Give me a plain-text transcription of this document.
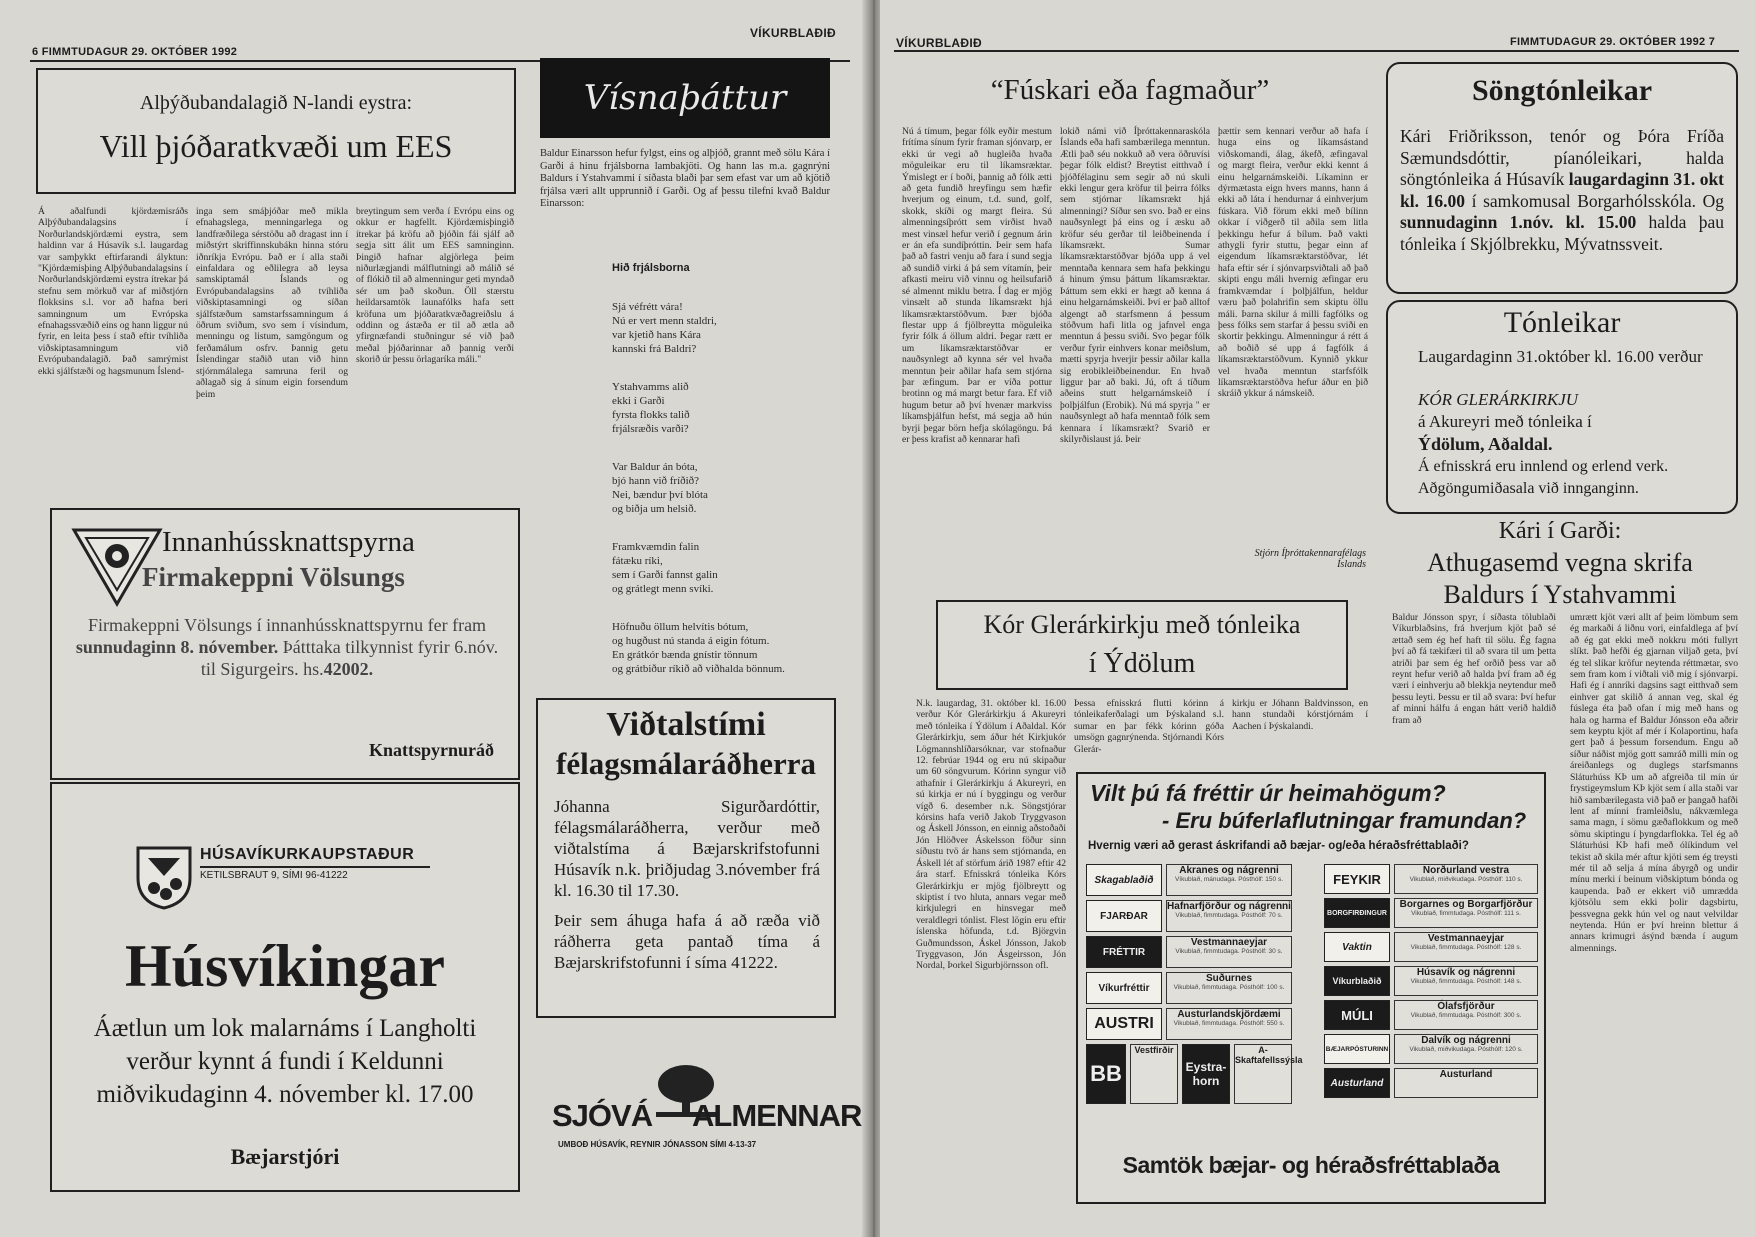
6 FIMMTUDAGUR 29. OKTÓBER 1992
VÍKURBLAÐIÐ
Alþýðubandalagið N-landi eystra:
Vill þjóðaratkvæði um EES
Á aðalfundi kjördæmisráðs Alþýðubandalagsins í Norðurlandskjördæmi eystra, sem haldinn var á Húsavík s.l. laugardag var samþykkt eftirfarandi ályktun: "Kjördæmisþing Alþýðubandalagsins í Norðurlandskjördæmi eystra ítrekar þá stefnu sem mörkuð var af miðstjórn flokksins s.l. vor að hafna beri samningnum um Evrópska efnahagssvæðið eins og hann liggur nú fyrir, en leita þess í stað eftir tvíhliða viðskiptasamningum við Evrópubandalagið. Það samrýmist ekki sjálfstæði og hagsmunum Íslend-
inga sem smáþjóðar með mikla efnahagslega, menningarlega og landfræðilega sérstöðu að dragast inn í miðstýrt skriffinnskubákn hinna stóru iðnríkja Evrópu. Það er í alla staði einfaldara og eðlilegra að leysa samskiptamál Íslands og Evrópubandalagsins að tvíhliða viðskiptasamningi og síðan sjálfstæðum samstarfssamningum á öðrum sviðum, svo sem í vísindum, menningu og listum, samgöngum og ferðamálum osfrv. Þannig getu Íslendingar staðið utan við hinn stjórnmálalega samruna feril og aðlagað sig á sínum eigin forsendum þeim
breytingum sem verða í Evrópu eins og okkur er hagfellt. Kjördæmisþingið ítrekar þá kröfu að þjóðin fái sjálf að segja sitt álit um EES samninginn. Þingið hafnar algjörlega þeim niðurlægjandi málflutningi að málið sé of flókið til að almenningur geti myndað sér um það skoðun. Öll stærstu heildarsamtök launafólks hafa sett kröfuna um þjóðaratkvæðagreiðslu á oddinn og ástæða er til að ætla að yfirgnæfandi stuðningur sé við það meðal þjóðarinnar að þannig verði skorið úr þessu örlagaríka máli."
Vísnaþáttur
Baldur Einarsson hefur fylgst, eins og alþjóð, grannt með sölu Kára í Garði á hinu frjálsborna lambakjöti. Og hann las m.a. gagnrýni Baldurs í Ystahvammi í síðasta blaði þar sem efast var um að kjötið frjálsa væri allt upprunnið í Garði. Og af þessu tilefni kvað Baldur Einarsson:
Hið frjálsborna

Sjá véfrétt vára!
Nú er vert menn staldri,
var kjetið hans Kára
kannski frá Baldri?

Ystahvamms alið
ekki í Garði
fyrsta flokks talið
frjálsræðis varði?

Var Baldur án bóta,
bjó hann við fríðið?
Nei, bændur því blóta
og biðja um helsið.

Framkvæmdin falin
fátæku ríki,
sem í Garði fannst galin
og grátlegt menn svíki.

Höfnuðu öllum helvítis bótum,
og hugðust nú standa á eigin fótum.
En grátkór bænda gnístir tönnum
og grátbiður ríkið að viðhalda bönnum.

Innanhússknattspyrna
Firmakeppni Völsungs
Firmakeppni Völsungs í innanhússknattspyrnu fer fram sunnudaginn 8. nóvember. Þátttaka tilkynnist fyrir 6.nóv. til Sigurgeirs. hs.42002.
Knattspyrnuráð
HÚSAVÍKURKAUPSTAÐUR
KETILSBRAUT 9, SÍMI 96-41222
Húsvíkingar
Áætlun um lok malarnáms í Langholti verður kynnt á fundi í Keldunni miðvikudaginn 4. nóvember kl. 17.00
Bæjarstjóri
Viðtalstími
félagsmálaráðherra
Jóhanna Sigurðardóttir, félagsmálaráðherra, verður með viðtalstíma á Bæjarskrifstofunni Húsavík n.k. þriðjudag 3.nóvember frá kl. 16.30 til 17.30.
Þeir sem áhuga hafa á að ræða við ráðherra geta pantað tíma á Bæjarskrifstofunni í síma 41222.
SJÓVÁ ALMENNAR
UMBOÐ HÚSAVÍK, REYNIR JÓNASSON SÍMI 4-13-37
VÍKURBLAÐIÐ	FIMMTUDAGUR 29. OKTÓBER 1992 7
“Fúskari eða fagmaður”
Nú á tímum, þegar fólk eyðir mestum frítíma sínum fyrir framan sjónvarp, er ekki úr vegi að hugleiða hvaða möguleikar eru til líkamsræktar. Ýmislegt er í boði, þannig að fólk ætti að geta fundið hreyfingu sem hæfir hverjum og einum, t.d. sund, golf, skokk, skíði og margt fleira. Sú almenningsíþrótt sem virðist hvað mest vinsæl hefur verið í gegnum árin er án efa sundíþróttin. Þeir sem hafa það að fastri venju að fara í sund segja að sundið virki á þá sem vítamín, þeir afkasti meiru við vinnu og heilsufarið sé almennt miklu betra. Í dag er mjög vinsælt að stunda líkamsrækt hjá líkamsræktarstöðvum. Þær bjóða flestar upp á fjölbreytta möguleika fyrir fólk á öllum aldri. Þegar rætt er um líkamsræktarstöðvar er nauðsynlegt að kynna sér vel hvaða menntun þeir aðilar hafa sem stjórna þar æfingum. Þar er víða pottur brotinn og má margt betur fara. Ef við hugum betur að því hvenær markviss líkamsþjálfun hefst, má segja að hún byrji þegar börn hefja skólagöngu. Þá er þess krafist að kennarar hafi
lokið námi við Íþróttakennaraskóla Íslands eða hafi sambærilega menntun. Ætli það séu nokkuð að vera öðruvísi þegar fólk eldist? Breytist eitthvað í þjóðfélaginu sem segir að nú skuli ekki lengur gera kröfur til þeirra fólks sem stjórnar líkamsrækt hjá almenningi? Síður sen svo. Það er eins nauðsynlegt þá eins og í æsku að kröfur séu gerðar til leiðbeinenda í líkamsrækt. Sumar líkamsræktarstöðvar bjóða upp á vel menntaða kennara sem hafa þekkingu á hinum ýmsu þáttum líkamsræktar. Þáttum sem ekki er hægt að kenna á einu helgarnámskeiði. Því er það alltof algengt að starfsmenn á þessum stöðvum hafi litla og jafnvel enga menntun á þessu sviði. Svo þegar fólk verður fyrir einhvers konar meiðslum, mætti spyrja hverjir þessir aðilar kalla sig erobikleiðbeinendur. En hvað liggur þar að baki. Jú, oft á tíðum aðeins stutt helgarnámskeið í þolþjálfun (Erobik). Nú má spyrja " er nauðsynlegt að hafa menntað fólk sem kennara í líkamsrækt? Svarið er skilyrðislaust já. Þeir
þættir sem kennari verður að hafa í huga eins og líkamsástand viðskomandi, álag, ákefð, æfingaval og margt fleira, verður ekki kennt á einu helgarnámskeiði. Líkaminn er dýrmætasta eign hvers manns, hann á ekki að láta í hendurnar á einhverjum fúskara. Við förum ekki með bílinn okkar í viðgerð til aðila sem litla þekkingu hefur á bílum. Það vakti athygli fyrir stuttu, þegar einn af eigendum líkamsræktarstöðvar, lét hafa eftir sér í sjónvarpsviðtali að það skipti engu máli hvernig æfingar eru framkvæmdar í þolþjálfun, heldur væru það þolahrifin sem skiptu öllu máli. Þarna skilur á milli fagfólks og þess fólks sem starfar á þessu sviði en skortir þekkingu. Almenningur á rétt á að boðið sé upp á fagfólk á líkamsræktarstöðvum. Kynnið ykkur vel hvaða menntun starfsfólk líkamsræktarstöðva hefur áður en þið skráið ykkur á námskeið.
Stjórn Íþróttakennarafélags
Íslands
Kór Glerárkirkju með tónleika
í Ýdölum
N.k. laugardag, 31. október kl. 16.00 verður Kór Glerárkirkju á Akureyri með tónleika í Ýdölum í Aðaldal. Kór Glerárkirkju, sem áður hét Kirkjukór Lögmannshlíðarsóknar, var stofnaður 12. febrúar 1944 og eru nú skipaður um 60 söngvurum. Kórinn syngur við athafnir í Glerárkirkju á Akureyri, en sú kirkja er nú í byggingu og verður vígð 6. desember n.k. Söngstjórar kórsins hafa verið Jakob Tryggvason og Áskell Jónsson, en einnig aðstoðaði Jón Hlöðver Áskelsson föður sinn síðustu tvö ár hans sem stjórnanda, en Áskell lét af störfum árið 1987 eftir 42 ára starf. Efnisskrá tónleika Kórs Glerárkirkju er mjög fjölbreytt og skiptist í tvo hluta, annars vegar með kirkjulegri en hinsvegar með veraldlegri tónlist. Flest lögin eru eftir íslenska höfunda, t.d. Björgvin Guðmundsson, Áskel Jónsson, Jakob Tryggvason, Jón Ásgeirsson, Jón Nordal, Þorkel Sigurbjörnsson ofl.
Þessa efnisskrá flutti kórinn á tónleikaferðalagi um Þýskaland s.l. sumar en þar fékk kórinn góða umsögn gagnrýnenda. Stjórnandi Kórs Glerár-
kirkju er Jóhann Baldvinsson, en hann stundaði kórstjórnám í Aachen í Þýskalandi.
Vilt þú fá fréttir úr heimahögum?
- Eru búferlaflutningar framundan?
Hvernig væri að gerast áskrifandi að bæjar- og/eða héraðsfréttablaði?
Skagablaðið
Akranes og nágrenni
Víkublað, mánudaga. Pósthólf: 150 s.
FJARÐAR
Hafnarfjörður og nágrenni
Vikublað, fimmtudaga. Pósthólf: 70 s.
FRÉTTIR
Vestmannaeyjar
Vikublað, fimmtudaga. Pósthólf: 30 s.
Víkurfréttir
Suðurnes
Vikublað, fimmtudaga. Pósthólf: 100 s.
AUSTRI
Austurlandskjördæmi
Vikublað, fimmtudaga. Pósthólf: 550 s.
BB
Vestfirðir
Eystra-horn
A-Skaftafellssýsla
FEYKIR
Norðurland vestra
Vikublað, miðvikudaga. Pósthólf: 110 s.
BORGFIRÐINGUR
Borgarnes og Borgarfjörður
Vikublað, fimmtudaga. Pósthólf: 111 s.
Vaktin
Vestmannaeyjar
Vikublað, fimmtudaga. Pósthólf: 128 s.
Víkurblaðið
Húsavík og nágrenni
Vikublað, fimmtudaga. Pósthólf: 148 s.
MÚLI
Ólafsfjörður
Vikublað, fimmtudaga. Pósthólf: 300 s.
BÆJARPÓSTURINN
Dalvík og nágrenni
Vikublað, miðvikudaga. Pósthólf: 120 s.
Austurland
Austurland
Samtök bæjar- og héraðsfréttablaða
Söngtónleikar
Kári Friðriksson, tenór og Þóra Fríða Sæmundsdóttir, píanóleikari, halda söngtónleika á Húsavík laugardaginn 31. okt kl. 16.00 í samkomusal Borgarhólsskóla. Og sunnudaginn 1.nóv. kl. 15.00 halda þau tónleika í Skjólbrekku, Mývatnssveit.
Tónleikar
Laugardaginn 31.október kl. 16.00 verður
KÓR GLERÁRKIRKJU
á Akureyri með tónleika í
Ýdölum, Aðaldal.
Á efnisskrá eru innlend og erlend verk.
Aðgöngumiðasala við innganginn.
Kári í Garði:
Athugasemd vegna skrifa
Baldurs í Ystahvammi
Baldur Jónsson spyr, í síðasta tölublaði Víkurblaðsins, frá hverjum kjöt það sé ættað sem ég hef haft til sölu. Ég fagna því að fá tækifæri til að svara til um þetta atriði þar sem ég hef orðið þess var að reynt hefur verið að halda því fram að ég væri í einhverju að blekkja neytendur með þessu leyti. Þessu er til að svara: Því hefur af minni hálfu á engan hátt verið haldið fram að
umrætt kjöt væri allt af þeim lömbum sem ég markaði á liðnu vori, einfaldlega af því að ég gat ekki með nokkru móti fullyrt slíkt. Það hefði ég gjarnan viljað geta, því ég tel slíkar kröfur neytenda réttmætar, svo sem fram kom í viðtali við mig í sjónvarpi. Hafi ég í annríki dagsins sagt eitthvað sem einhver gat skilið á annan veg, skal ég fúslega éta það ofan í mig með hans og hala og harma ef Baldur Jónsson eða aðrir sem keyptu kjöt af mér í Kolaportinu, hafa gert það á þessum forsendum. Engu að síður náðist mjög gott samráð milli mín og áreiðanlegs og duglegs starfsmanns Sláturhúss KÞ um að afgreiða til mín úr frystigeymslum KÞ kjöt sem í alla staði var hið sambærilegasta við það er þangað hafði lent af mínni framleiðslu, nákvæmlega sama magn, í sömu gæðaflokkum og með sömu skiptingu í þyngdarflokka. Tel ég að Sláturhúsi KÞ hafi með ólíkindum vel tekist að skila mér aftur kjöti sem ég treysti mér til að selja á mína ábyrgð og undir mínu merki í beinum viðskiptum bónda og kaupenda. Það er ekkert við umrædda kjötsölu sem ekki þolir dagsbirtu, þessvegna gekk hún vel og naut velvildar neytenda. Hún er því hreinn blettur á annars krimugri ásýnd bænda í augum almennings.
